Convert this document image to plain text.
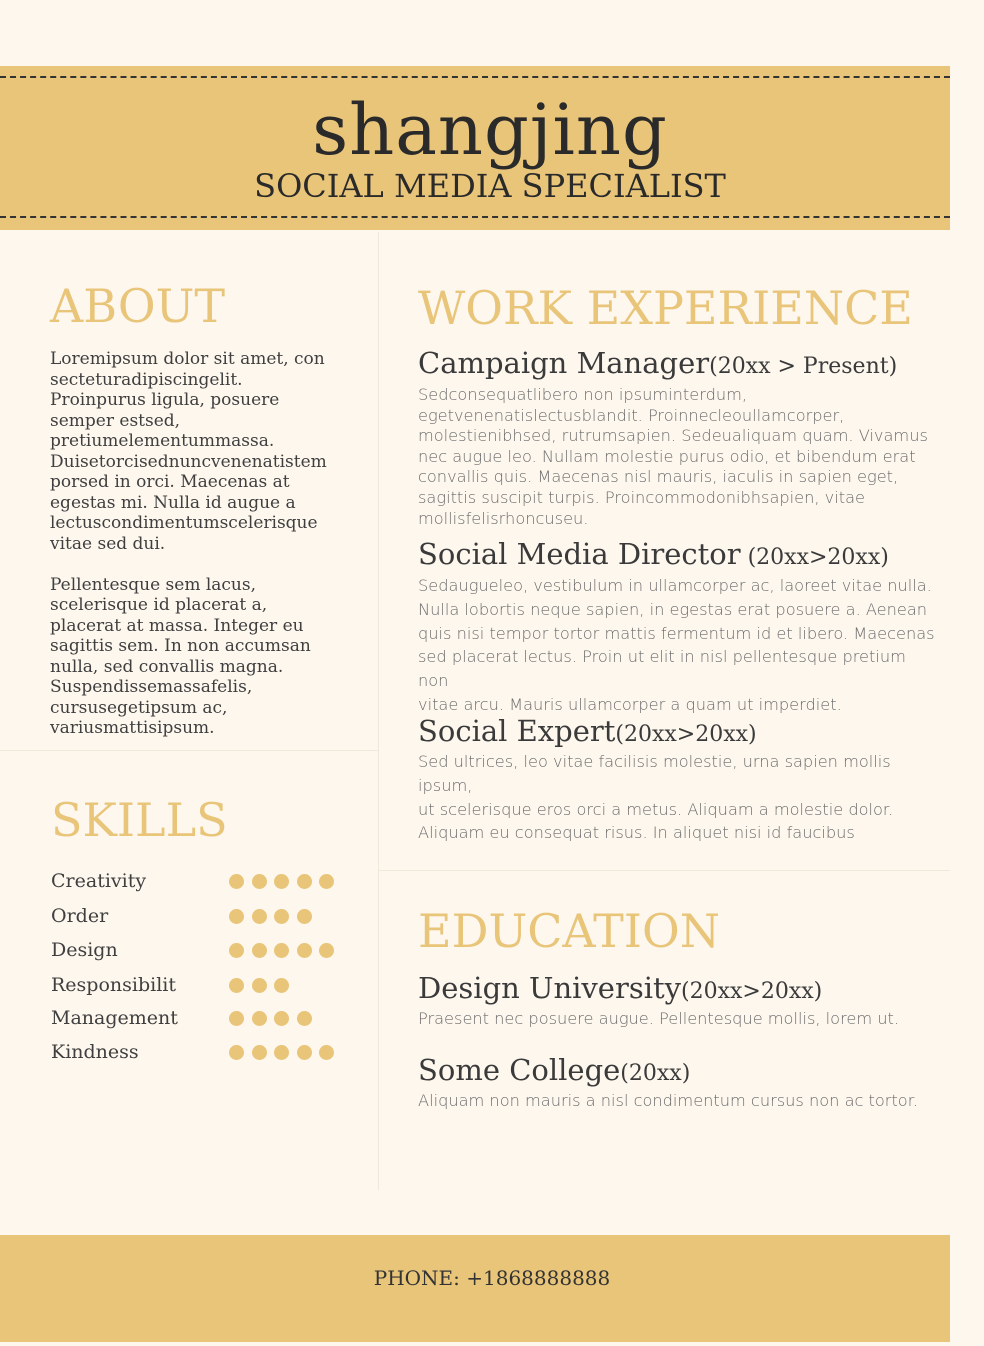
shangjing
SOCIAL MEDIA SPECIALIST
ABOUT

Loremipsum dolor sit amet, con
secteturadipiscingelit.
Proinpurus ligula, posuere
semper estsed,
pretiumelementummassa.
Duisetorcisednuncvenenatistem
porsed in orci. Maecenas at
egestas mi. Nulla id augue a
lectuscondimentumscelerisque
vitae sed dui.

Pellentesque sem lacus,
scelerisque id placerat a,
placerat at massa. Integer eu
sagittis sem. In non accumsan
nulla, sed convallis magna.
Suspendissemassafelis,
cursusegetipsum ac,
variusmattisipsum.

SKILLS
Creativity
Order
Design
Responsibilit
Management
Kindness
WORK EXPERIENCE
Campaign Manager(20xx > Present)
Sedconsequatlibero non ipsuminterdum,
egetvenenatislectusblandit. Proinnecleoullamcorper,
molestienibhsed, rutrumsapien. Sedeualiquam quam. Vivamus
nec augue leo. Nullam molestie purus odio, et bibendum erat
convallis quis. Maecenas nisl mauris, iaculis in sapien eget,
sagittis suscipit turpis. Proincommodonibhsapien, vitae
mollisfelisrhoncuseu.
Social Media Director (20xx>20xx)
Sedaugueleo, vestibulum in ullamcorper ac, laoreet vitae nulla.
Nulla lobortis neque sapien, in egestas erat posuere a. Aenean
quis nisi tempor tortor mattis fermentum id et libero. Maecenas
sed placerat lectus. Proin ut elit in nisl pellentesque pretium non
vitae arcu. Mauris ullamcorper a quam ut imperdiet.
Social Expert(20xx>20xx)
Sed ultrices, leo vitae facilisis molestie, urna sapien mollis ipsum,
ut scelerisque eros orci a metus. Aliquam a molestie dolor.
Aliquam eu consequat risus. In aliquet nisi id faucibus
EDUCATION
Design University(20xx>20xx)
Praesent nec posuere augue. Pellentesque mollis, lorem ut.
Some College(20xx)
Aliquam non mauris a nisl condimentum cursus non ac tortor.
PHONE: +1868888888
